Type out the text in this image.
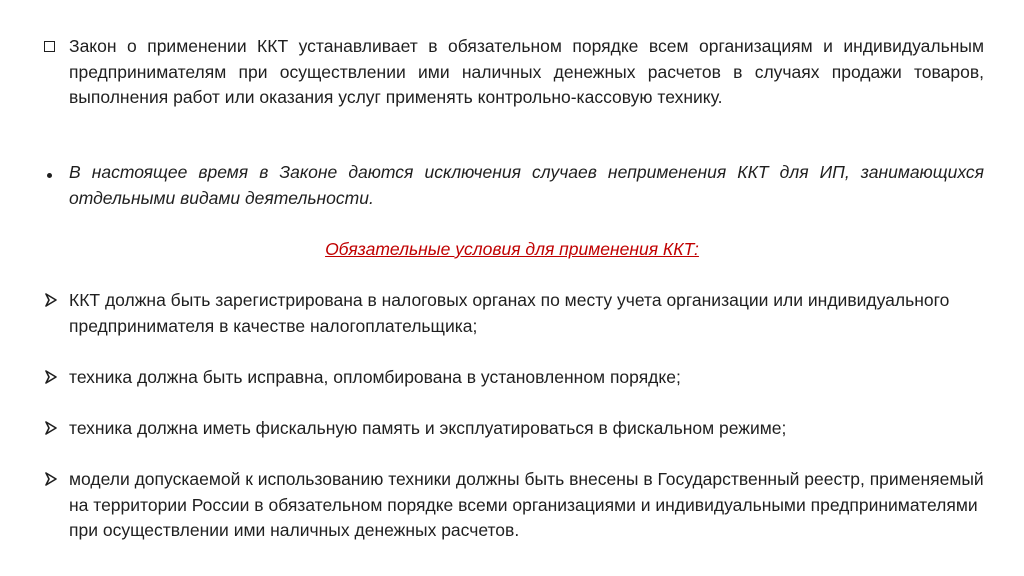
Закон о применении ККТ устанавливает в обязательном порядке всем организациям и индивидуальным предпринимателям при осуществлении ими наличных денежных расчетов в случаях продажи товаров, выполнения работ или оказания услуг применять контрольно-кассовую технику.
В настоящее время в Законе даются исключения случаев неприменения ККТ для ИП, занимающихся отдельными видами деятельности.
Обязательные условия для применения ККТ:
ККТ должна быть зарегистрирована в налоговых органах по месту учета организации или индивидуального предпринимателя в качестве налогоплательщика;
техника должна быть исправна, опломбирована в установленном порядке;
техника должна иметь фискальную память и эксплуатироваться в фискальном режиме;
модели допускаемой к использованию техники должны быть внесены в Государственный реестр, применяемый на территории России в обязательном порядке всеми организациями и индивидуальными предпринимателями при осуществлении ими наличных денежных расчетов.
